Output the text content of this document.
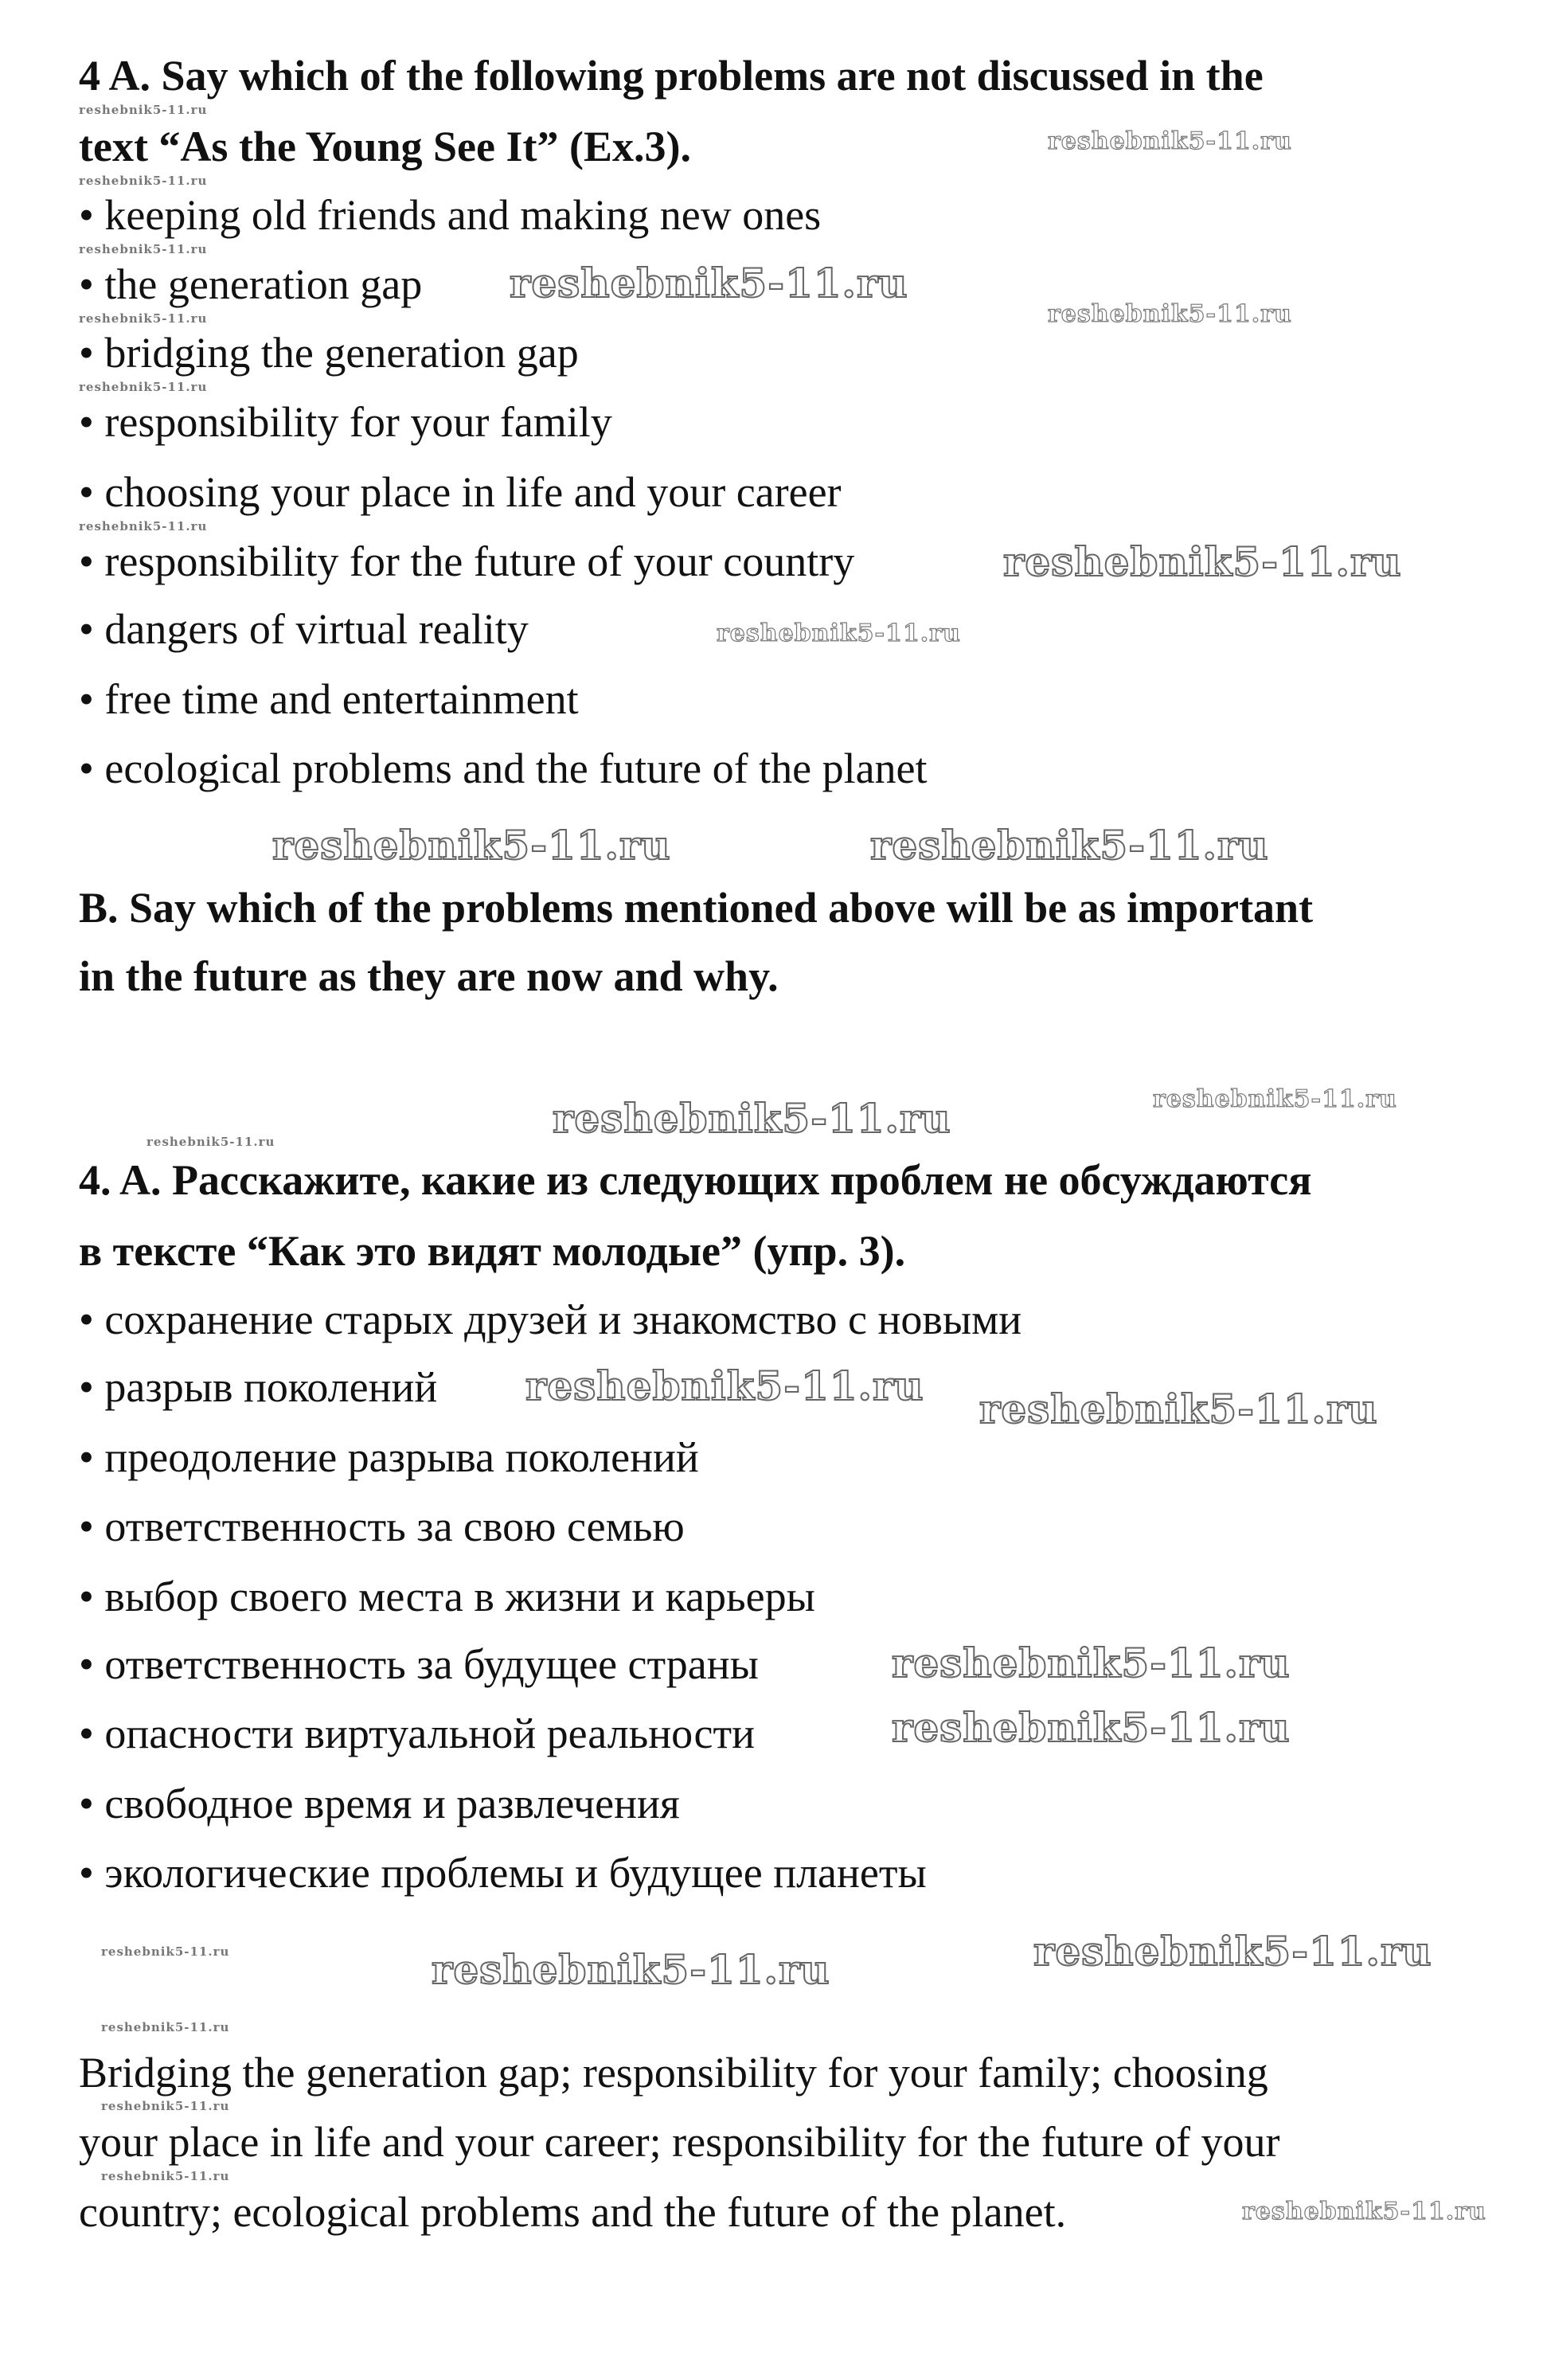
reshebnik5-11.ru
reshebnik5-11.ru
reshebnik5-11.ru
reshebnik5-11.ru
reshebnik5-11.ru
reshebnik5-11.ru
reshebnik5-11.ru
reshebnik5-11.ru
reshebnik5-11.ru
reshebnik5-11.ru
reshebnik5-11.ru
reshebnik5-11.ru
reshebnik5-11.ru
reshebnik5-11.ru
reshebnik5-11.ru
reshebnik5-11.ru
reshebnik5-11.ru
reshebnik5-11.ru
reshebnik5-11.ru	reshebnik5-11.ru
reshebnik5-11.ru
reshebnik5-11.ru
reshebnik5-11.ru
reshebnik5-11.ru
reshebnik5-11.ru
reshebnik5-11.ru
reshebnik5-11.ru
4 A. Say which of the following problems are not discussed in the
text “As the Young See It” (Ex.3).
• keeping old friends and making new ones
• the generation gap
• bridging the generation gap
• responsibility for your family
• choosing your place in life and your career
• responsibility for the future of your country
• dangers of virtual reality
• free time and entertainment
• ecological problems and the future of the planet
B. Say which of the problems mentioned above will be as important
in the future as they are now and why.
4. A. Расскажите, какие из следующих проблем не обсуждаются
в тексте “Как это видят молодые” (упр. 3).
• сохранение старых друзей и знакомство с новыми
• разрыв поколений
• преодоление разрыва поколений
• ответственность за свою семью
• выбор своего места в жизни и карьеры
• ответственность за будущее страны
• опасности виртуальной реальности
• свободное время и развлечения
• экологические проблемы и будущее планеты
Bridging the generation gap; responsibility for your family; choosing
your place in life and your career; responsibility for the future of your
country; ecological problems and the future of the planet.
